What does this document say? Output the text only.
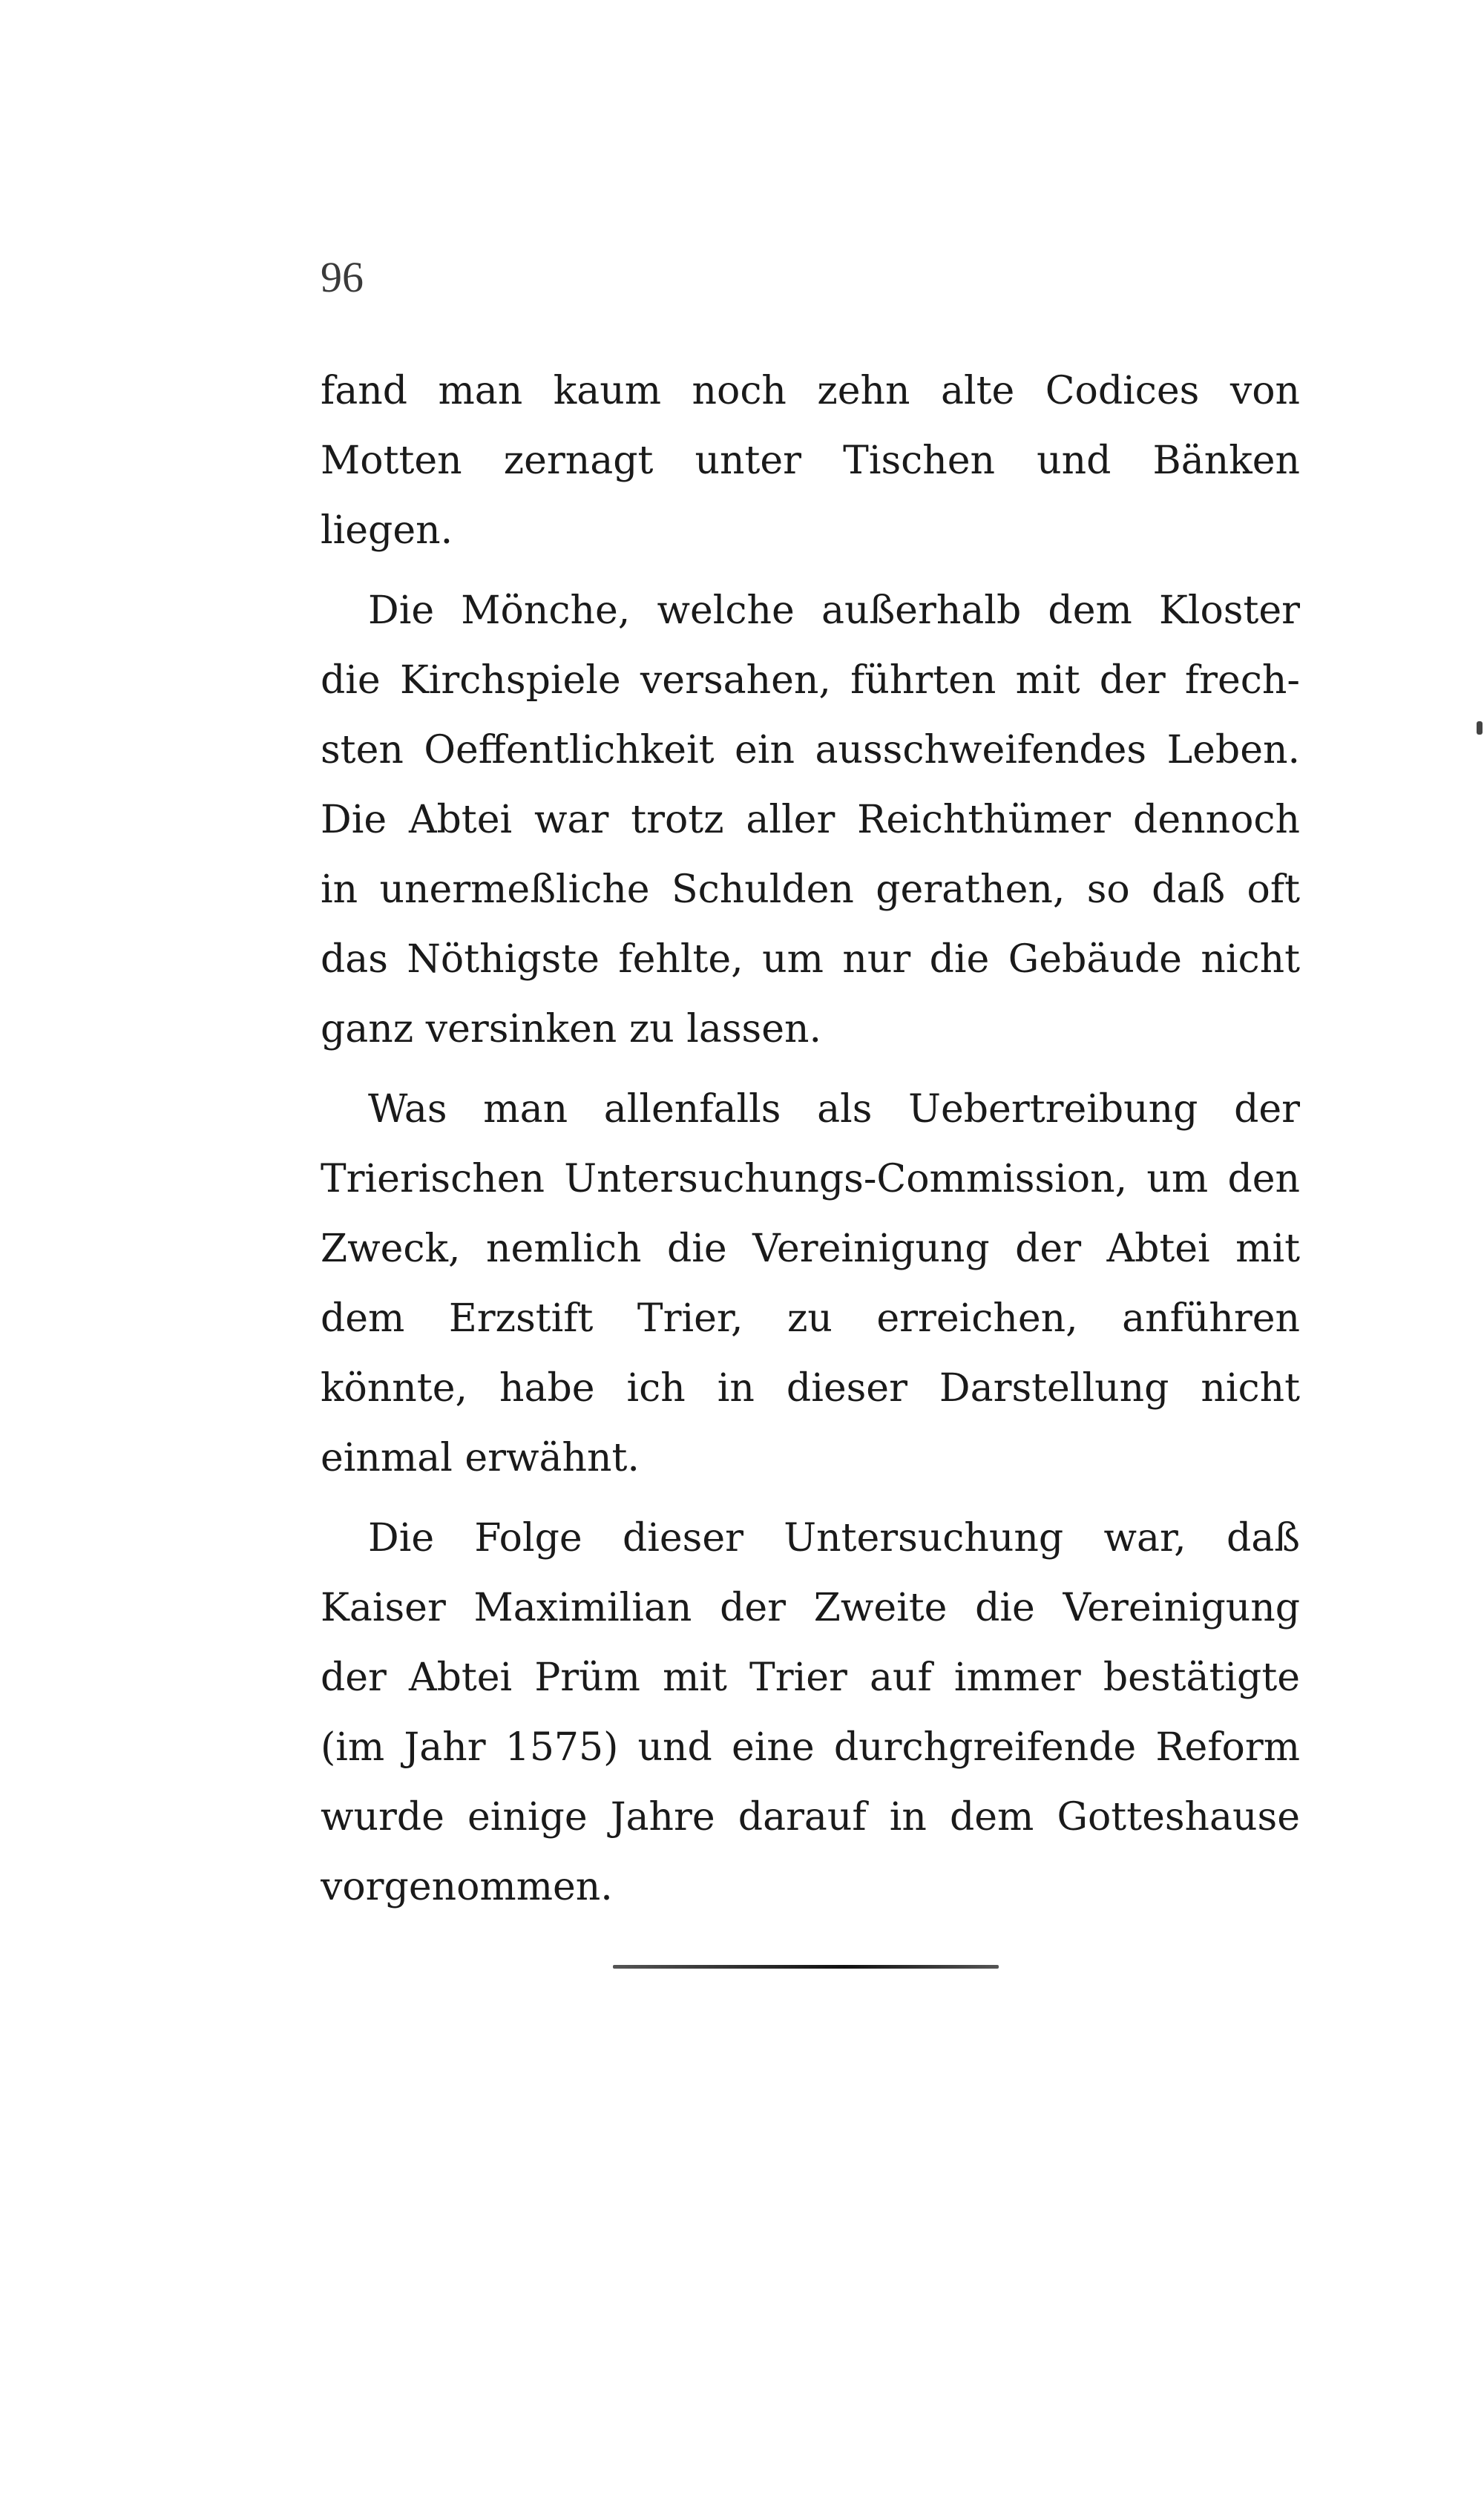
96
fand man kaum noch zehn alte Codices von
Motten zernagt unter Tischen und Bänken
liegen.
Die Mönche, welche außerhalb dem Kloster
die Kirchspiele versahen, führten mit der frech-
sten Oeffentlichkeit ein ausschweifendes Leben.
Die Abtei war trotz aller Reichthümer dennoch
in unermeßliche Schulden gerathen, so daß oft
das Nöthigste fehlte, um nur die Gebäude nicht
ganz versinken zu lassen.
Was man allenfalls als Uebertreibung der
Trierischen Untersuchungs-Commission, um den
Zweck, nemlich die Vereinigung der Abtei mit
dem Erzstift Trier, zu erreichen, anführen
könnte, habe ich in dieser Darstellung nicht
einmal erwähnt.
Die Folge dieser Untersuchung war, daß
Kaiser Maximilian der Zweite die Vereinigung
der Abtei Prüm mit Trier auf immer bestätigte
(im Jahr 1575) und eine durchgreifende Reform
wurde einige Jahre darauf in dem Gotteshause
vorgenommen.
